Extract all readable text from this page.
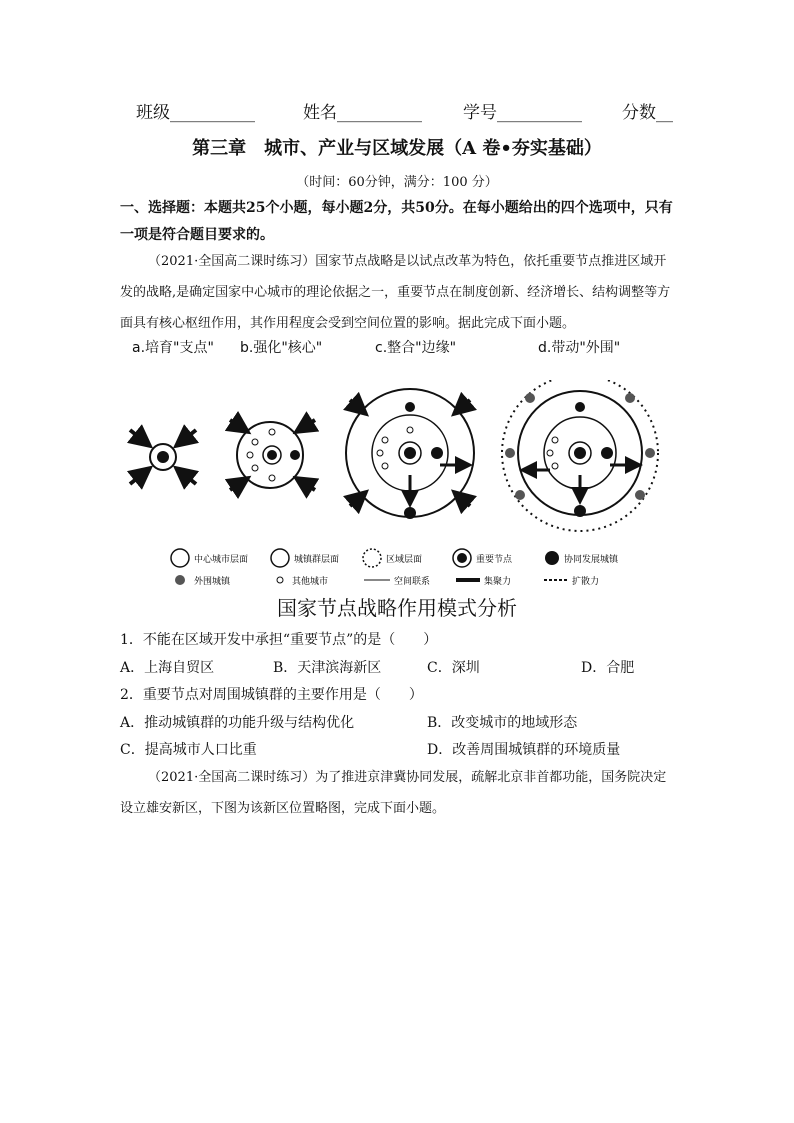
班级__________	姓名__________ 学号__________ 分数__
第三章　城市、产业与区域发展（A 卷•夯实基础）
（时间：60分钟，满分：100 分）
一、选择题：本题共25个小题，每小题2分，共50分。在每小题给出的四个选项中，只有一项是符合题目要求的。
（2021·全国高二课时练习）国家节点战略是以试点改革为特色，依托重要节点推进区域开发的战略,是确定国家中心城市的理论依据之一，重要节点在制度创新、经济增长、结构调整等方面具有核心枢纽作用，其作用程度会受到空间位置的影响。据此完成下面小题。
a.培育"支点" b.强化"核心"	c.整合"边缘"	d.带动"外围"
中心城市层面	城镇群层面	区域层面	重要节点	协同发展城镇
外围城镇	其他城市	空间联系	集聚力	扩散力
国家节点战略作用模式分析
1．不能在区域开发中承担“重要节点”的是（　　）
A．上海自贸区	B．天津滨海新区	C．深圳	D．合肥
2．重要节点对周围城镇群的主要作用是（　　）
A．推动城镇群的功能升级与结构优化	B．改变城市的地域形态
C．提高城市人口比重	D．改善周围城镇群的环境质量
（2021·全国高二课时练习）为了推进京津冀协同发展，疏解北京非首都功能，国务院决定设立雄安新区，下图为该新区位置略图，完成下面小题。
